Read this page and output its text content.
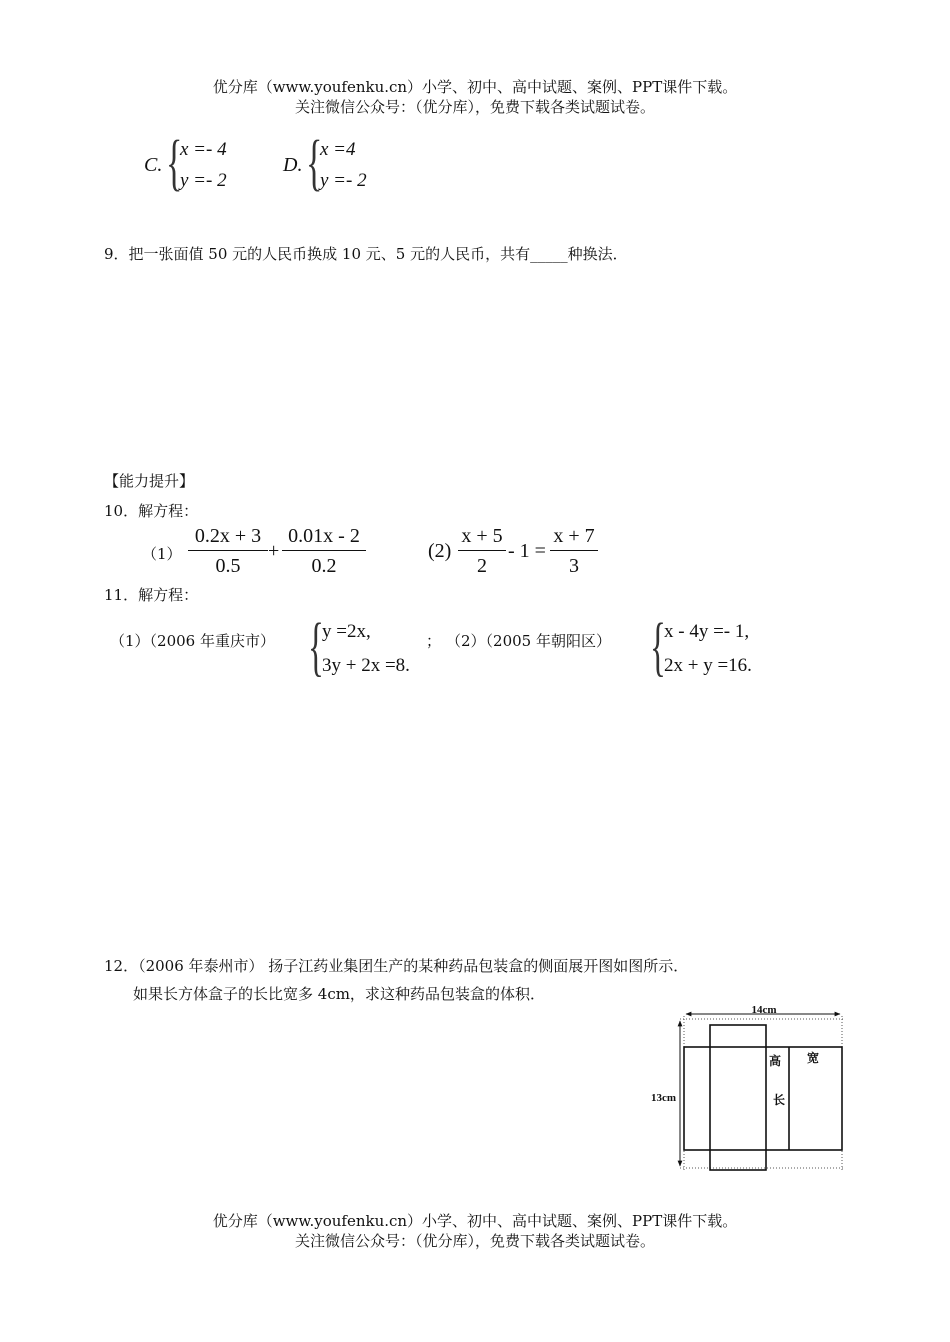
优分库（www.youfenku.cn）小学、初中、高中试题、案例、PPT课件下载。
关注微信公众号：（优分库），免费下载各类试题试卷。
C. {
x =- 4
y =- 2
D. {
x =4
y =- 2
9．把一张面值 50 元的人民币换成 10 元、5 元的人民币，共有_____种换法．
【能力提升】
10．解方程：
$(1) \frac{0.2x + 3}{0.5} + \frac{0.01x - 2}{0.2}$	$(2) \frac{x + 5}{2} - 1 = \frac{x + 7}{3}$
11．解方程：
（1）（2006 年重庆市） {
y =2x,
3y + 2x =8.
； （2）（2005 年朝阳区） {
x - 4y =- 1,
2x + y =16.
12．（2006 年泰州市） 扬子江药业集团生产的某种药品包装盒的侧面展开图如图所示．
如果长方体盒子的长比宽多 4cm，求这种药品包装盒的体积．
14cm
13cm
高
长
宽
优分库（www.youfenku.cn）小学、初中、高中试题、案例、PPT课件下载。
关注微信公众号：（优分库），免费下载各类试题试卷。
